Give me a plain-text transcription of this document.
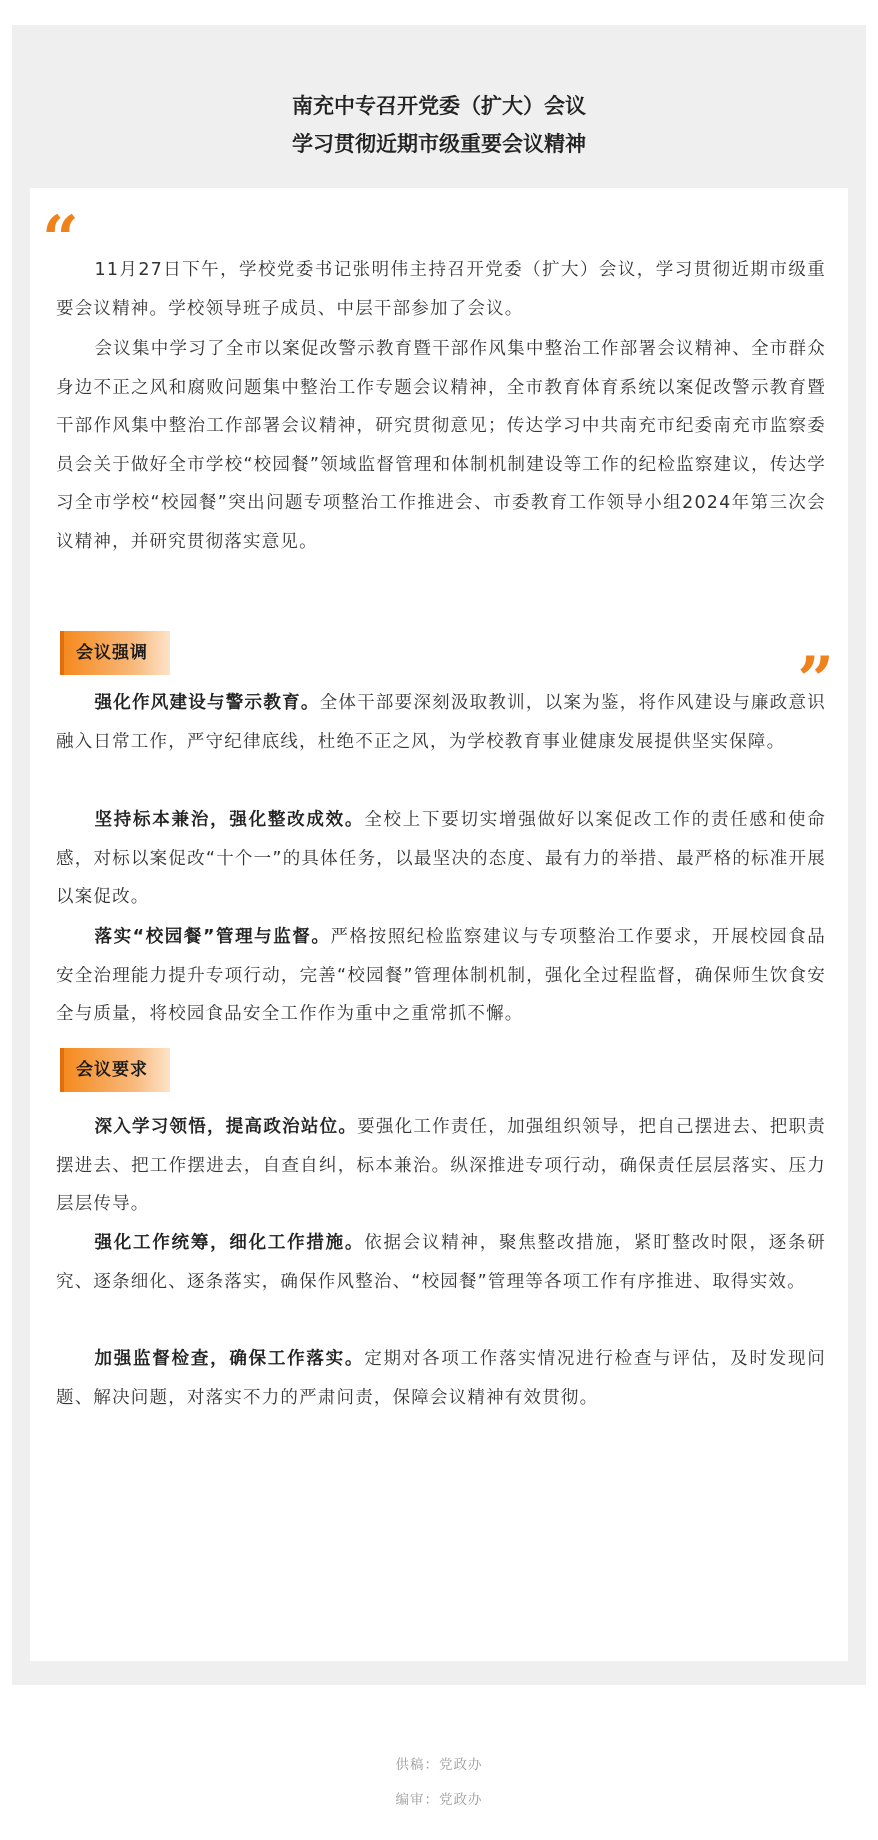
南充中专召开党委（扩大）会议
学习贯彻近期市级重要会议精神
“ 11月27日下午，学校党委书记张明伟主持召开党委（扩大）会议，学习贯彻近期市级重要会议精神。学校领导班子成员、中层干部参加了会议。

会议集中学习了全市以案促改警示教育暨干部作风集中整治工作部署会议精神、全市群众身边不正之风和腐败问题集中整治工作专题会议精神，全市教育体育系统以案促改警示教育暨干部作风集中整治工作部署会议精神，研究贯彻意见；传达学习中共南充市纪委南充市监察委员会关于做好全市学校“校园餐”领域监督管理和体制机制建设等工作的纪检监察建议，传达学习全市学校“校园餐”突出问题专项整治工作推进会、市委教育工作领导小组2024年第三次会议精神，并研究贯彻落实意见。

”
会议强调

强化作风建设与警示教育。全体干部要深刻汲取教训，以案为鉴，将作风建设与廉政意识融入日常工作，严守纪律底线，杜绝不正之风，为学校教育事业健康发展提供坚实保障。

坚持标本兼治，强化整改成效。全校上下要切实增强做好以案促改工作的责任感和使命感，对标以案促改“十个一”的具体任务，以最坚决的态度、最有力的举措、最严格的标准开展以案促改。

落实“校园餐”管理与监督。严格按照纪检监察建议与专项整治工作要求，开展校园食品安全治理能力提升专项行动，完善“校园餐”管理体制机制，强化全过程监督，确保师生饮食安全与质量，将校园食品安全工作作为重中之重常抓不懈。

会议要求

深入学习领悟，提高政治站位。要强化工作责任，加强组织领导，把自己摆进去、把职责摆进去、把工作摆进去，自查自纠，标本兼治。纵深推进专项行动，确保责任层层落实、压力层层传导。

强化工作统筹，细化工作措施。依据会议精神，聚焦整改措施，紧盯整改时限，逐条研究、逐条细化、逐条落实，确保作风整治、“校园餐”管理等各项工作有序推进、取得实效。

加强监督检查，确保工作落实。定期对各项工作落实情况进行检查与评估，及时发现问题、解决问题，对落实不力的严肃问责，保障会议精神有效贯彻。

供稿：党政办
编审：党政办
